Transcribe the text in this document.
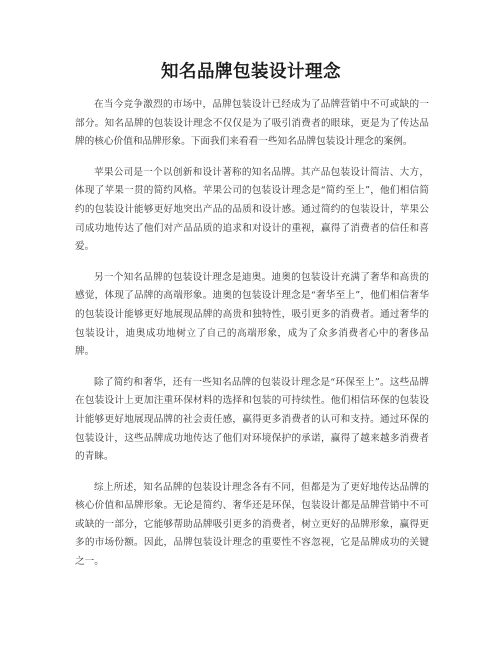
知名品牌包装设计理念

在当今竞争激烈的市场中，品牌包装设计已经成为了品牌营销中不可或缺的一部分。知名品牌的包装设计理念不仅仅是为了吸引消费者的眼球，更是为了传达品牌的核心价值和品牌形象。下面我们来看看一些知名品牌包装设计理念的案例。

苹果公司是一个以创新和设计著称的知名品牌。其产品包装设计简洁、大方，体现了苹果一贯的简约风格。苹果公司的包装设计理念是“简约至上”，他们相信简约的包装设计能够更好地突出产品的品质和设计感。通过简约的包装设计，苹果公司成功地传达了他们对产品品质的追求和对设计的重视，赢得了消费者的信任和喜爱。

另一个知名品牌的包装设计理念是迪奥。迪奥的包装设计充满了奢华和高贵的感觉，体现了品牌的高端形象。迪奥的包装设计理念是“奢华至上”，他们相信奢华的包装设计能够更好地展现品牌的高贵和独特性，吸引更多的消费者。通过奢华的包装设计，迪奥成功地树立了自己的高端形象，成为了众多消费者心中的奢侈品牌。

除了简约和奢华，还有一些知名品牌的包装设计理念是“环保至上”。这些品牌在包装设计上更加注重环保材料的选择和包装的可持续性。他们相信环保的包装设计能够更好地展现品牌的社会责任感，赢得更多消费者的认可和支持。通过环保的包装设计，这些品牌成功地传达了他们对环境保护的承诺，赢得了越来越多消费者的青睐。

综上所述，知名品牌的包装设计理念各有不同，但都是为了更好地传达品牌的核心价值和品牌形象。无论是简约、奢华还是环保，包装设计都是品牌营销中不可或缺的一部分，它能够帮助品牌吸引更多的消费者，树立更好的品牌形象，赢得更多的市场份额。因此，品牌包装设计理念的重要性不容忽视，它是品牌成功的关键之一。
